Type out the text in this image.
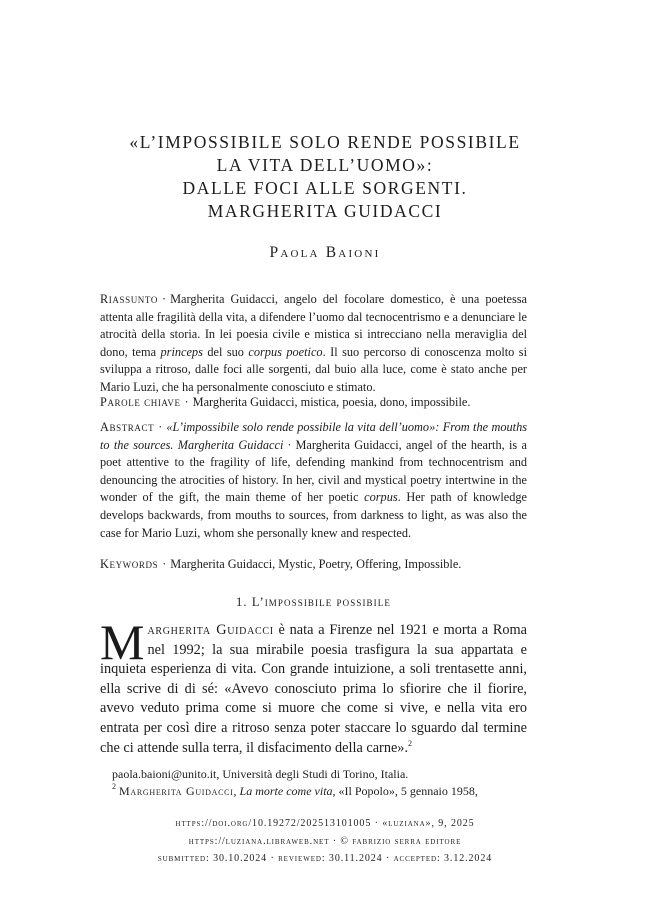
«L’IMPOSSIBILE SOLO RENDE POSSIBILE
LA VITA DELL’UOMO»:
DALLE FOCI ALLE SORGENTI.
MARGHERITA GUIDACCI
Paola Baioni
Riassunto · Margherita Guidacci, angelo del focolare domestico, è una poetessa attenta alle fragilità della vita, a difendere l’uomo dal tecnocentrismo e a denunciare le atrocità della storia. In lei poesia civile e mistica si intrecciano nella meraviglia del dono, tema princeps del suo corpus poetico. Il suo percorso di conoscenza molto si sviluppa a ritroso, dalle foci alle sorgenti, dal buio alla luce, come è stato anche per Mario Luzi, che ha personalmente conosciuto e stimato.
Parole chiave · Margherita Guidacci, mistica, poesia, dono, impossibile.
Abstract · «L’impossibile solo rende possibile la vita dell’uomo»: From the mouths to the sources. Margherita Guidacci · Margherita Guidacci, angel of the hearth, is a poet attentive to the fragility of life, defending mankind from technocentrism and denouncing the atrocities of history. In her, civil and mystical poetry intertwine in the wonder of the gift, the main theme of her poetic corpus. Her path of knowledge develops backwards, from mouths to sources, from darkness to light, as was also the case for Mario Luzi, whom she personally knew and respected.
Keywords · Margherita Guidacci, Mystic, Poetry, Offering, Impossible.
1. L’impossibile possibile
Margherita Guidacci è nata a Firenze nel 1921 e morta a Roma nel 1992; la sua mirabile poesia trasfigura la sua appartata e inquieta esperienza di vita. Con grande intuizione, a soli trentasette anni, ella scrive di di sé: «Avevo conosciuto prima lo sfiorire che il fiorire, avevo veduto prima come si muore che come si vive, e nella vita ero entrata per così dire a ritroso senza poter staccare lo sguardo dal termine che ci attende sulla terra, il disfacimento della carne».$^2$
paola.baioni@unito.it, Università degli Studi di Torino, Italia.
$^2$ Margherita Guidacci, La morte come vita, «Il Popolo», 5 gennaio 1958,
https://doi.org/10.19272/202513101005 · «luziana», 9, 2025
https://luziana.libraweb.net · © fabrizio serra editore
submitted: 30.10.2024 · reviewed: 30.11.2024 · accepted: 3.12.2024
